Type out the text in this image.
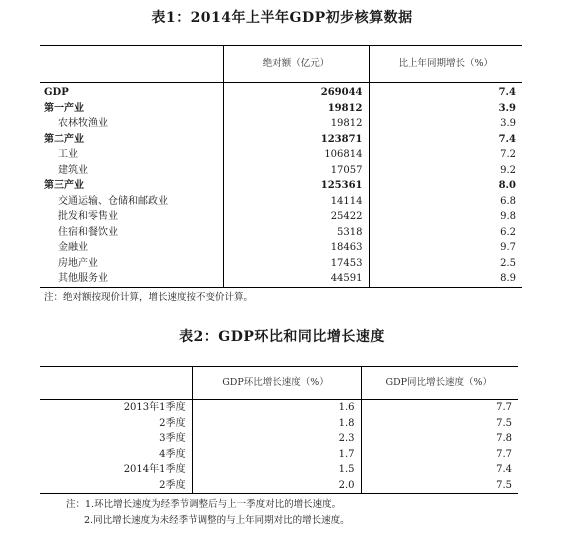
表1：2014年上半年GDP初步核算数据
	绝对额（亿元）	比上年同期增长（%）
GDP	269044	7.4
第一产业	19812	3.9
农林牧渔业	19812	3.9
第二产业	123871	7.4
工业	106814	7.2
建筑业	17057	9.2
第三产业	125361	8.0
交通运输、仓储和邮政业	14114	6.8
批发和零售业	25422	9.8
住宿和餐饮业	5318	6.2
金融业	18463	9.7
房地产业	17453	2.5
其他服务业	44591	8.9
注：绝对额按现价计算，增长速度按不变价计算。
表2：GDP环比和同比增长速度
	GDP环比增长速度（%）	GDP同比增长速度（%）
2013年1季度	1.6	7.7
2季度	1.8	7.5
3季度	2.3	7.8
4季度	1.7	7.7
2014年1季度	1.5	7.4
2季度	2.0	7.5
注：1.环比增长速度为经季节调整后与上一季度对比的增长速度。
2.同比增长速度为未经季节调整的与上年同期对比的增长速度。
